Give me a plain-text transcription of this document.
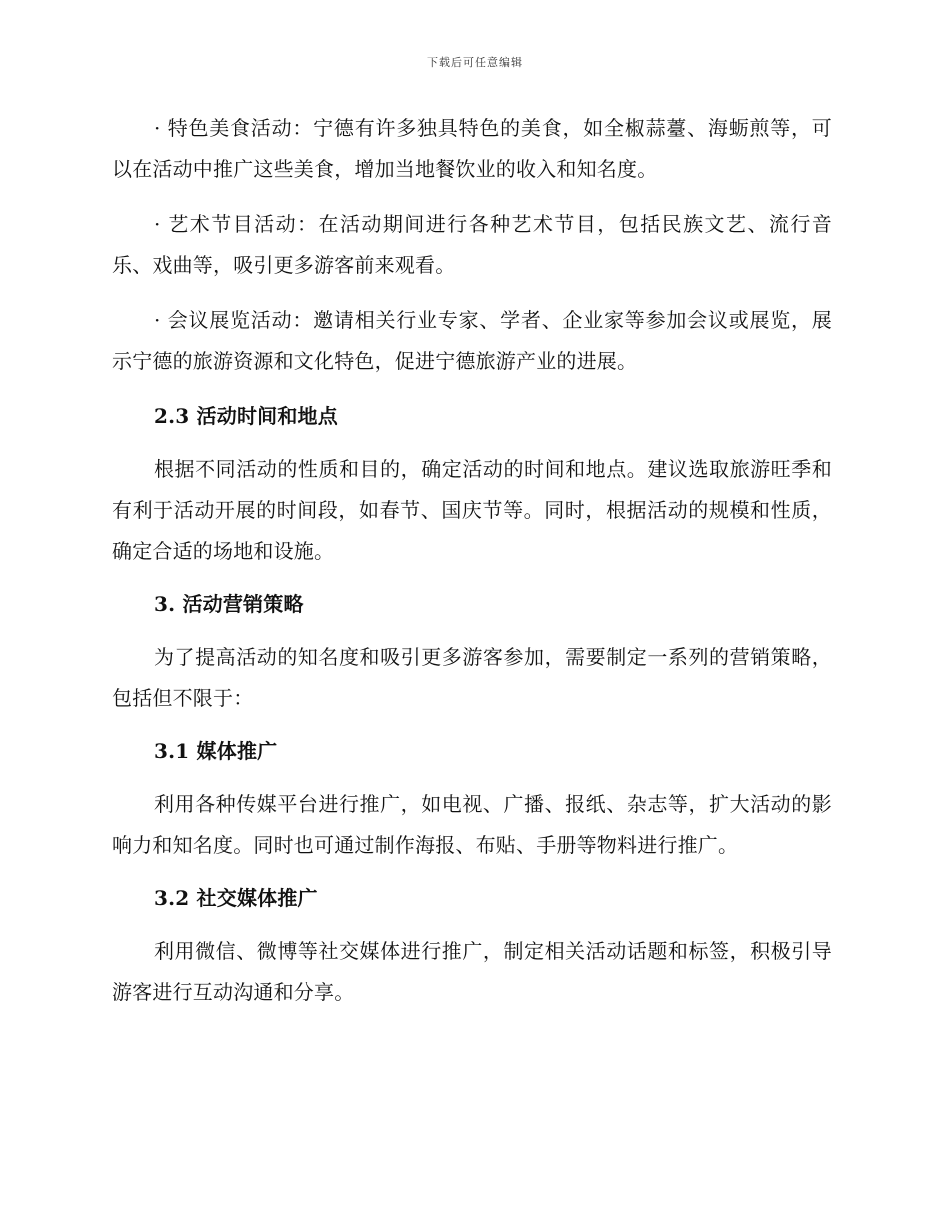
下载后可任意编辑

· 特色美食活动：宁德有许多独具特色的美食，如全椒蒜薹、海蛎煎等，可以在活动中推广这些美食，增加当地餐饮业的收入和知名度。

· 艺术节目活动：在活动期间进行各种艺术节目，包括民族文艺、流行音乐、戏曲等，吸引更多游客前来观看。

· 会议展览活动：邀请相关行业专家、学者、企业家等参加会议或展览，展示宁德的旅游资源和文化特色，促进宁德旅游产业的进展。

2.3 活动时间和地点

根据不同活动的性质和目的，确定活动的时间和地点。建议选取旅游旺季和有利于活动开展的时间段，如春节、国庆节等。同时，根据活动的规模和性质，确定合适的场地和设施。

3. 活动营销策略

为了提高活动的知名度和吸引更多游客参加，需要制定一系列的营销策略，包括但不限于：

3.1 媒体推广

利用各种传媒平台进行推广，如电视、广播、报纸、杂志等，扩大活动的影响力和知名度。同时也可通过制作海报、布贴、手册等物料进行推广。

3.2 社交媒体推广

利用微信、微博等社交媒体进行推广，制定相关活动话题和标签，积极引导游客进行互动沟通和分享。
